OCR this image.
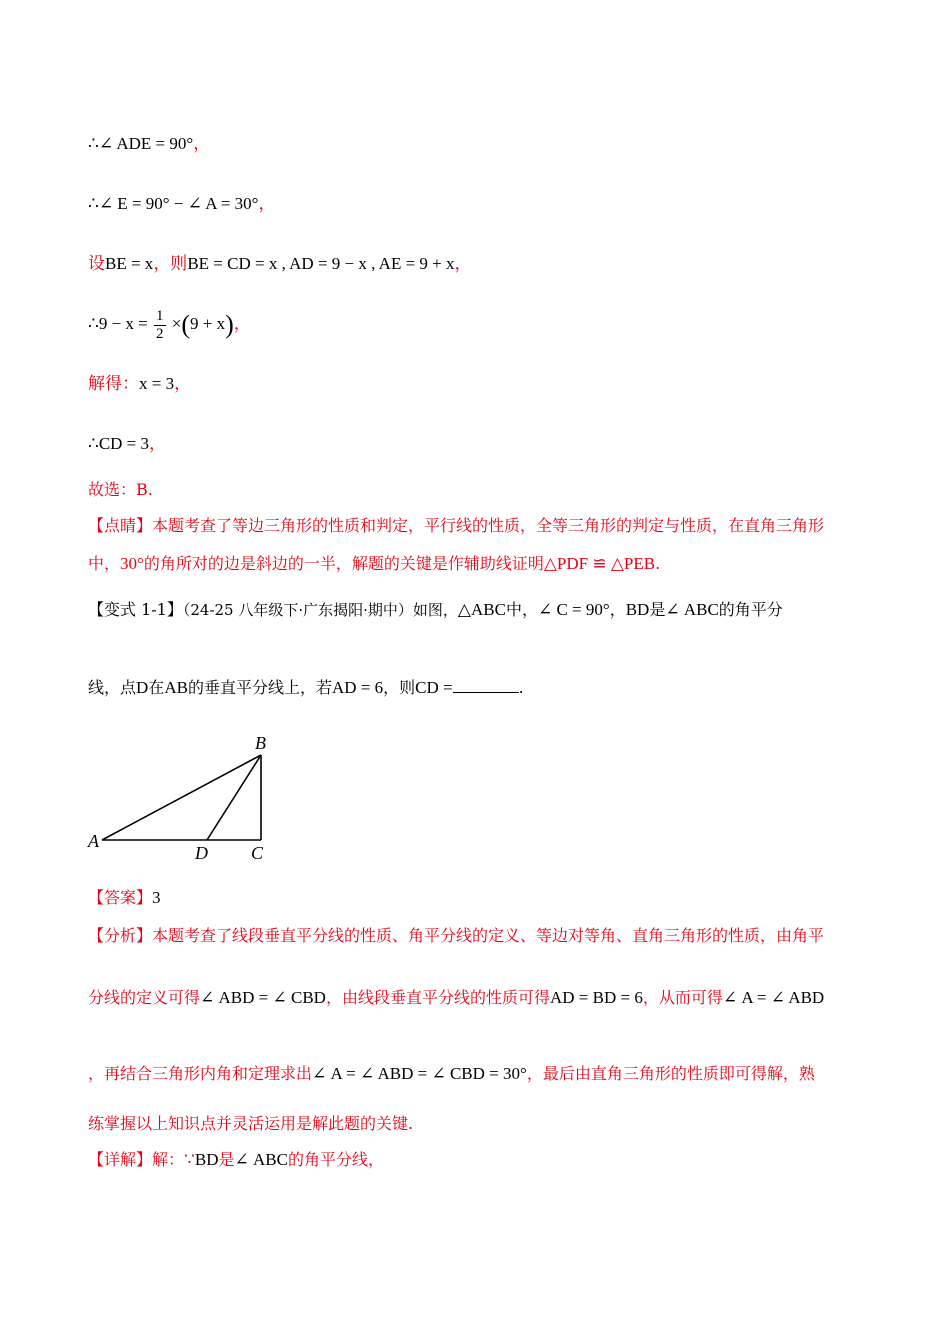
∴∠ ADE = 90°，
∴∠ E = 90° − ∠ A = 30°，
设BE = x，则BE = CD = x , AD = 9 − x , AE = 9 + x，
∴9 − $x = \frac{1}{2} \times(9 + x)$，
解得：x = 3，
∴CD = 3，
故选：B.
【点睛】本题考查了等边三角形的性质和判定，平行线的性质，全等三角形的判定与性质，在直角三角形
中，30°的角所对的边是斜边的一半，解题的关键是作辅助线证明△PDF ≌ △PEB.
【变式 1-1】（24-25 八年级下·广东揭阳·期中）如图，△ABC中，∠ C = 90°，BD是∠ ABC的角平分
线，点D在AB的垂直平分线上，若AD = 6，则CD =	.
A
B
C
D
【答案】3
【分析】本题考查了线段垂直平分线的性质、角平分线的定义、等边对等角、直角三角形的性质，由角平
分线的定义可得∠ ABD = ∠ CBD，由线段垂直平分线的性质可得AD = BD = 6，从而可得∠ A = ∠ ABD
，再结合三角形内角和定理求出∠ A = ∠ ABD = ∠ CBD = 30°，最后由直角三角形的性质即可得解，熟
练掌握以上知识点并灵活运用是解此题的关键.
【详解】解：∵BD是∠ ABC的角平分线，
